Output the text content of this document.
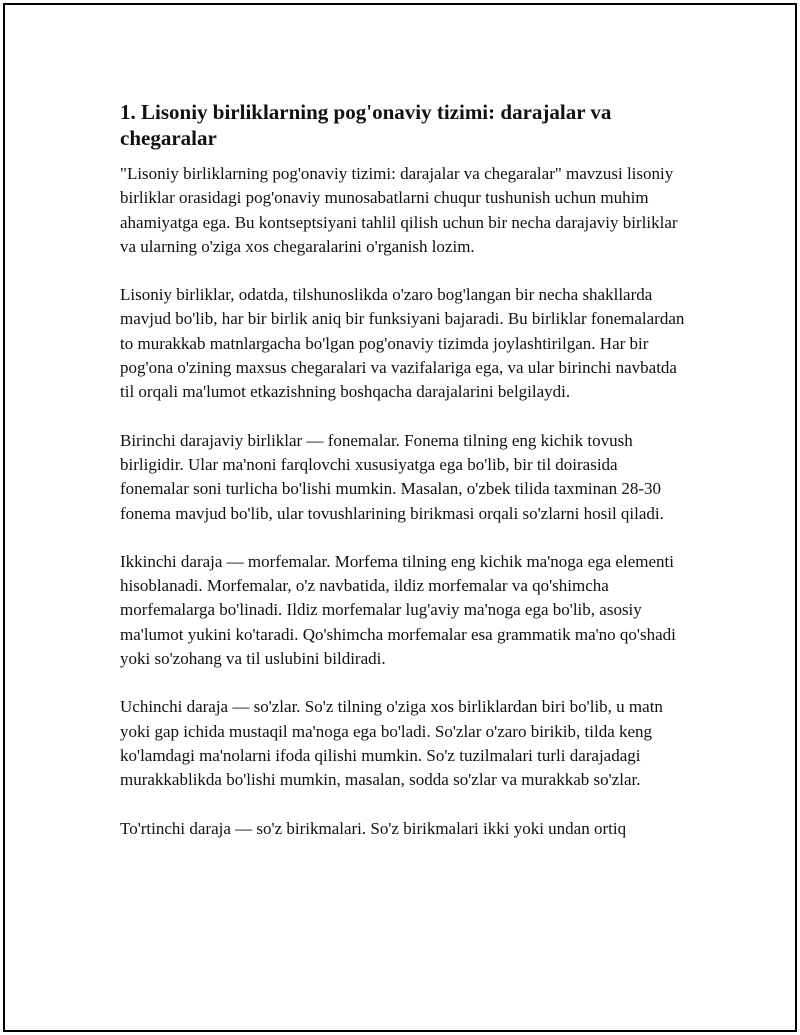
1. Lisoniy birliklarning pog'onaviy tizimi: darajalar va chegaralar

"Lisoniy birliklarning pog'onaviy tizimi: darajalar va chegaralar" mavzusi lisoniy birliklar orasidagi pog'onaviy munosabatlarni chuqur tushunish uchun muhim ahamiyatga ega. Bu kontseptsiyani tahlil qilish uchun bir necha darajaviy birliklar va ularning o'ziga xos chegaralarini o'rganish lozim.

Lisoniy birliklar, odatda, tilshunoslikda o'zaro bog'langan bir necha shakllarda mavjud bo'lib, har bir birlik aniq bir funksiyani bajaradi. Bu birliklar fonemalardan to murakkab matnlargacha bo'lgan pog'onaviy tizimda joylashtirilgan. Har bir pog'ona o'zining maxsus chegaralari va vazifalariga ega, va ular birinchi navbatda til orqali ma'lumot etkazishning boshqacha darajalarini belgilaydi.

Birinchi darajaviy birliklar — fonemalar. Fonema tilning eng kichik tovush birligidir. Ular ma'noni farqlovchi xususiyatga ega bo'lib, bir til doirasida fonemalar soni turlicha bo'lishi mumkin. Masalan, o'zbek tilida taxminan 28-30 fonema mavjud bo'lib, ular tovushlarining birikmasi orqali so'zlarni hosil qiladi.

Ikkinchi daraja — morfemalar. Morfema tilning eng kichik ma'noga ega elementi hisoblanadi. Morfemalar, o'z navbatida, ildiz morfemalar va qo'shimcha morfemalarga bo'linadi. Ildiz morfemalar lug'aviy ma'noga ega bo'lib, asosiy ma'lumot yukini ko'taradi. Qo'shimcha morfemalar esa grammatik ma'no qo'shadi yoki so'zohang va til uslubini bildiradi.

Uchinchi daraja — so'zlar. So'z tilning o'ziga xos birliklardan biri bo'lib, u matn yoki gap ichida mustaqil ma'noga ega bo'ladi. So'zlar o'zaro birikib, tilda keng ko'lamdagi ma'nolarni ifoda qilishi mumkin. So'z tuzilmalari turli darajadagi murakkablikda bo'lishi mumkin, masalan, sodda so'zlar va murakkab so'zlar.

To'rtinchi daraja — so'z birikmalari. So'z birikmalari ikki yoki undan ortiq
